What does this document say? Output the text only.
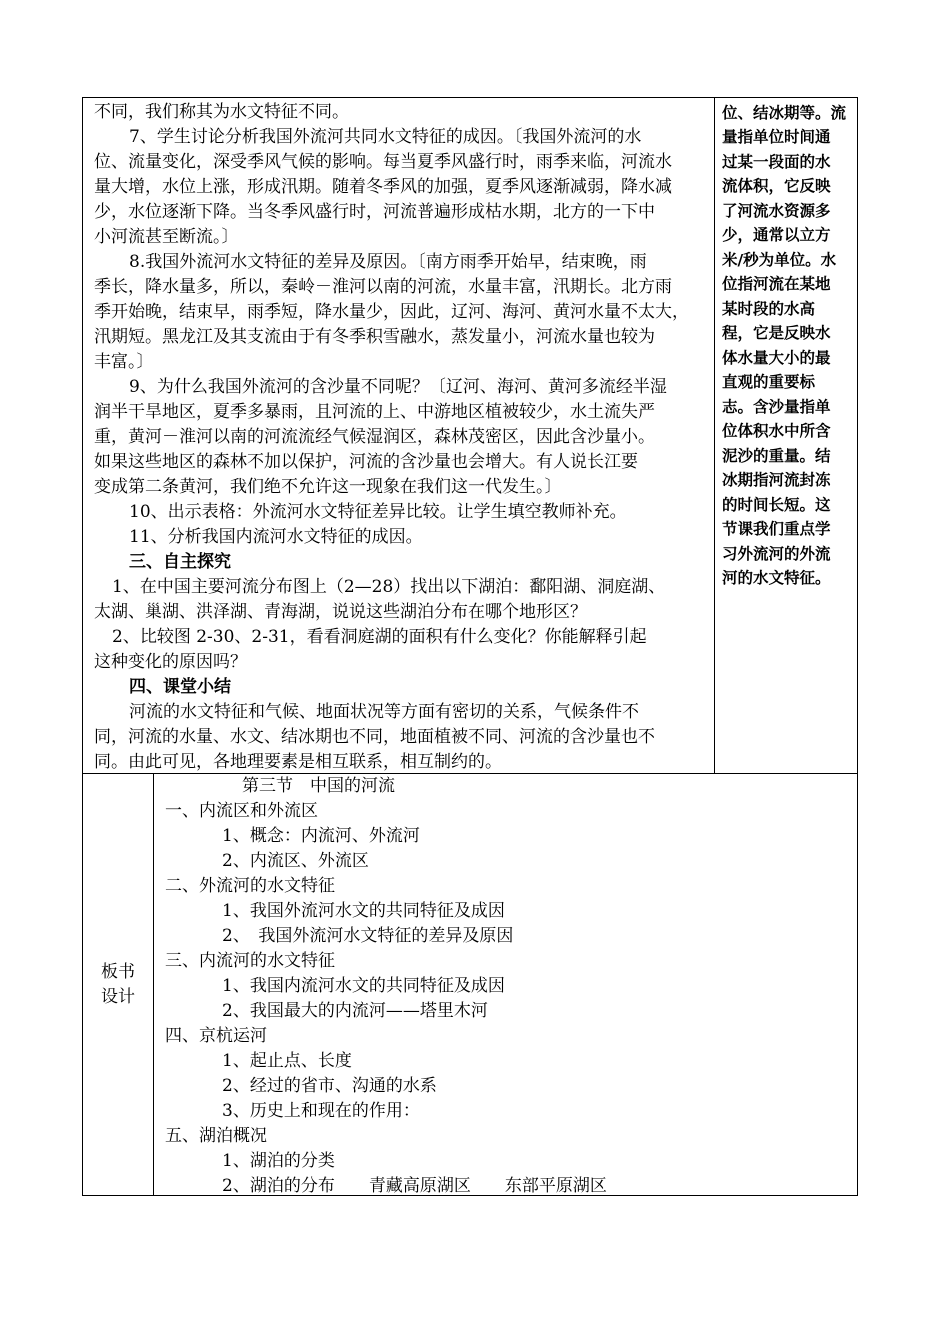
不同，我们称其为水文特征不同。
7、学生讨论分析我国外流河共同水文特征的成因。〔我国外流河的水
位、流量变化，深受季风气候的影响。每当夏季风盛行时，雨季来临，河流水
量大增，水位上涨，形成汛期。随着冬季风的加强，夏季风逐渐减弱，降水减
少，水位逐渐下降。当冬季风盛行时，河流普遍形成枯水期，北方的一下中
小河流甚至断流。〕
8.我国外流河水文特征的差异及原因。〔南方雨季开始早，结束晚，雨
季长，降水量多，所以，秦岭－淮河以南的河流，水量丰富，汛期长。北方雨
季开始晚，结束早，雨季短，降水量少，因此，辽河、海河、黄河水量不太大，
汛期短。黑龙江及其支流由于有冬季积雪融水，蒸发量小，河流水量也较为
丰富。〕
9、为什么我国外流河的含沙量不同呢？〔辽河、海河、黄河多流经半湿
润半干旱地区，夏季多暴雨，且河流的上、中游地区植被较少，水土流失严
重，黄河－淮河以南的河流流经气候湿润区，森林茂密区，因此含沙量小。
如果这些地区的森林不加以保护，河流的含沙量也会增大。有人说长江要
变成第二条黄河，我们绝不允许这一现象在我们这一代发生。〕
10、出示表格：外流河水文特征差异比较。让学生填空教师补充。
11、分析我国内流河水文特征的成因。
三、自主探究
1、在中国主要河流分布图上（2—28）找出以下湖泊：鄱阳湖、洞庭湖、
太湖、巢湖、洪泽湖、青海湖，说说这些湖泊分布在哪个地形区？
2、比较图 2-30、2-31，看看洞庭湖的面积有什么变化？你能解释引起
这种变化的原因吗？
四、课堂小结
河流的水文特征和气候、地面状况等方面有密切的关系，气候条件不
同，河流的水量、水文、结冰期也不同，地面植被不同、河流的含沙量也不
同。由此可见，各地理要素是相互联系，相互制约的。
位、结冰期等。流
量指单位时间通
过某一段面的水
流体积，它反映
了河流水资源多
少，通常以立方
米/秒为单位。水
位指河流在某地
某时段的水高
程，它是反映水
体水量大小的最
直观的重要标
志。含沙量指单
位体积水中所含
泥沙的重量。结
冰期指河流封冻
的时间长短。这
节课我们重点学
习外流河的外流
河的水文特征。
板书
设计
第三节　中国的河流
一、内流区和外流区
1、概念：内流河、外流河
2、内流区、外流区
二、外流河的水文特征
1、我国外流河水文的共同特征及成因
2、　我国外流河水文特征的差异及原因
三、内流河的水文特征
1、我国内流河水文的共同特征及成因
2、我国最大的内流河——塔里木河
四、京杭运河
1、起止点、长度
2、经过的省市、沟通的水系
3、历史上和现在的作用：
五、湖泊概况
1、湖泊的分类
2、湖泊的分布　　青藏高原湖区　　东部平原湖区
